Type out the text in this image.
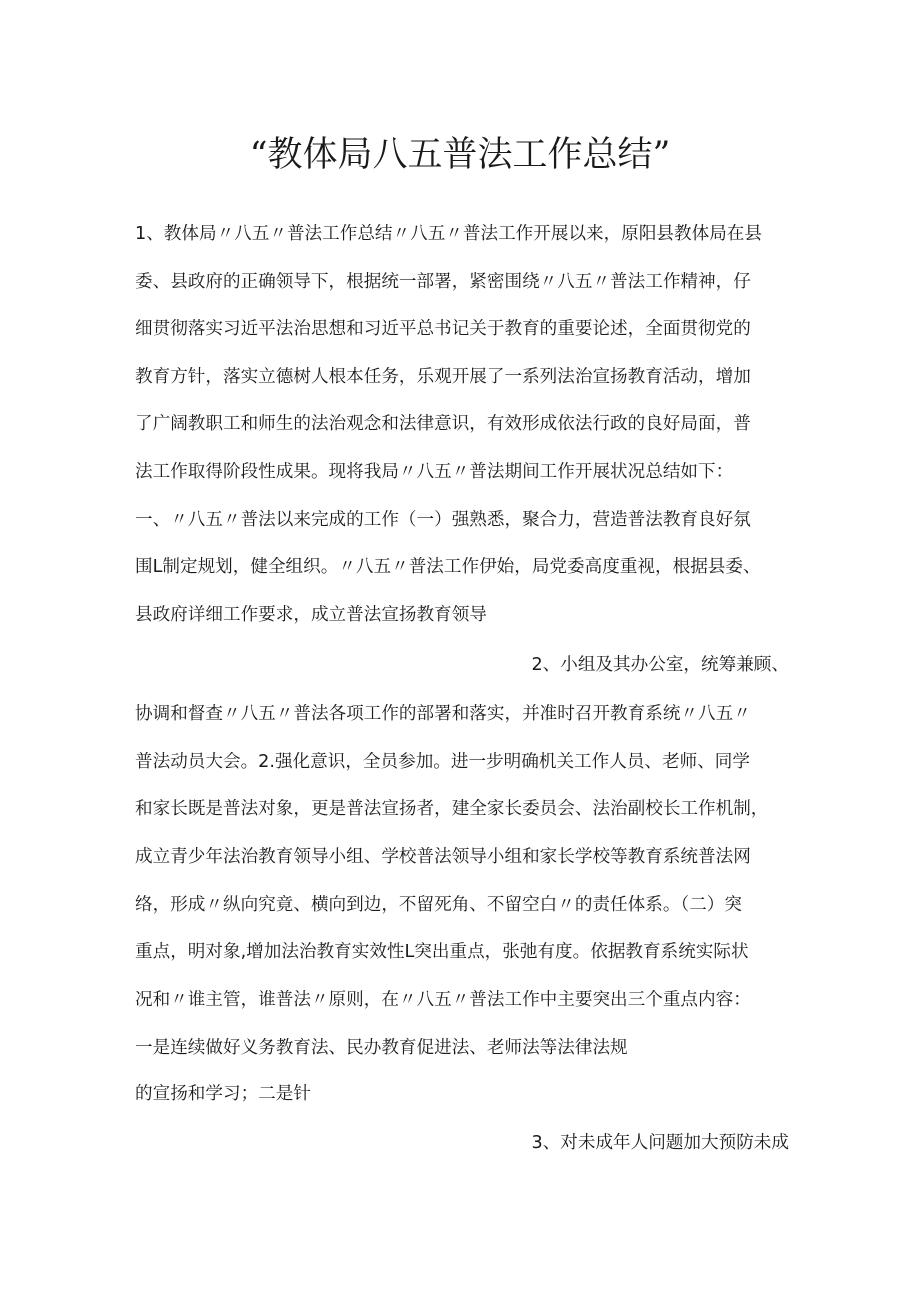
“教体局八五普法工作总结”

1、教体局〃八五〃普法工作总结〃八五〃普法工作开展以来，原阳县教体局在县

委、县政府的正确领导下，根据统一部署，紧密围绕〃八五〃普法工作精神，仔

细贯彻落实习近平法治思想和习近平总书记关于教育的重要论述，全面贯彻党的

教育方针，落实立德树人根本任务，乐观开展了一系列法治宣扬教育活动，增加

了广阔教职工和师生的法治观念和法律意识，有效形成依法行政的良好局面，普

法工作取得阶段性成果。现将我局〃八五〃普法期间工作开展状况总结如下：

一、〃八五〃普法以来完成的工作（一）强熟悉，聚合力，营造普法教育良好氛

围L制定规划，健全组织。〃八五〃普法工作伊始，局党委高度重视，根据县委、

县政府详细工作要求，成立普法宣扬教育领导

2、小组及其办公室，统筹兼顾、

协调和督查〃八五〃普法各项工作的部署和落实，并准时召开教育系统〃八五〃

普法动员大会。2.强化意识，全员参加。进一步明确机关工作人员、老师、同学

和家长既是普法对象，更是普法宣扬者，建全家长委员会、法治副校长工作机制，

成立青少年法治教育领导小组、学校普法领导小组和家长学校等教育系统普法网

络，形成〃纵向究竟、横向到边，不留死角、不留空白〃的责任体系。（二）突

重点，明对象,增加法治教育实效性L突出重点，张弛有度。依据教育系统实际状

况和〃谁主管，谁普法〃原则，在〃八五〃普法工作中主要突出三个重点内容：

一是连续做好义务教育法、民办教育促进法、老师法等法律法规

的宣扬和学习；二是针

3、对未成年人问题加大预防未成
